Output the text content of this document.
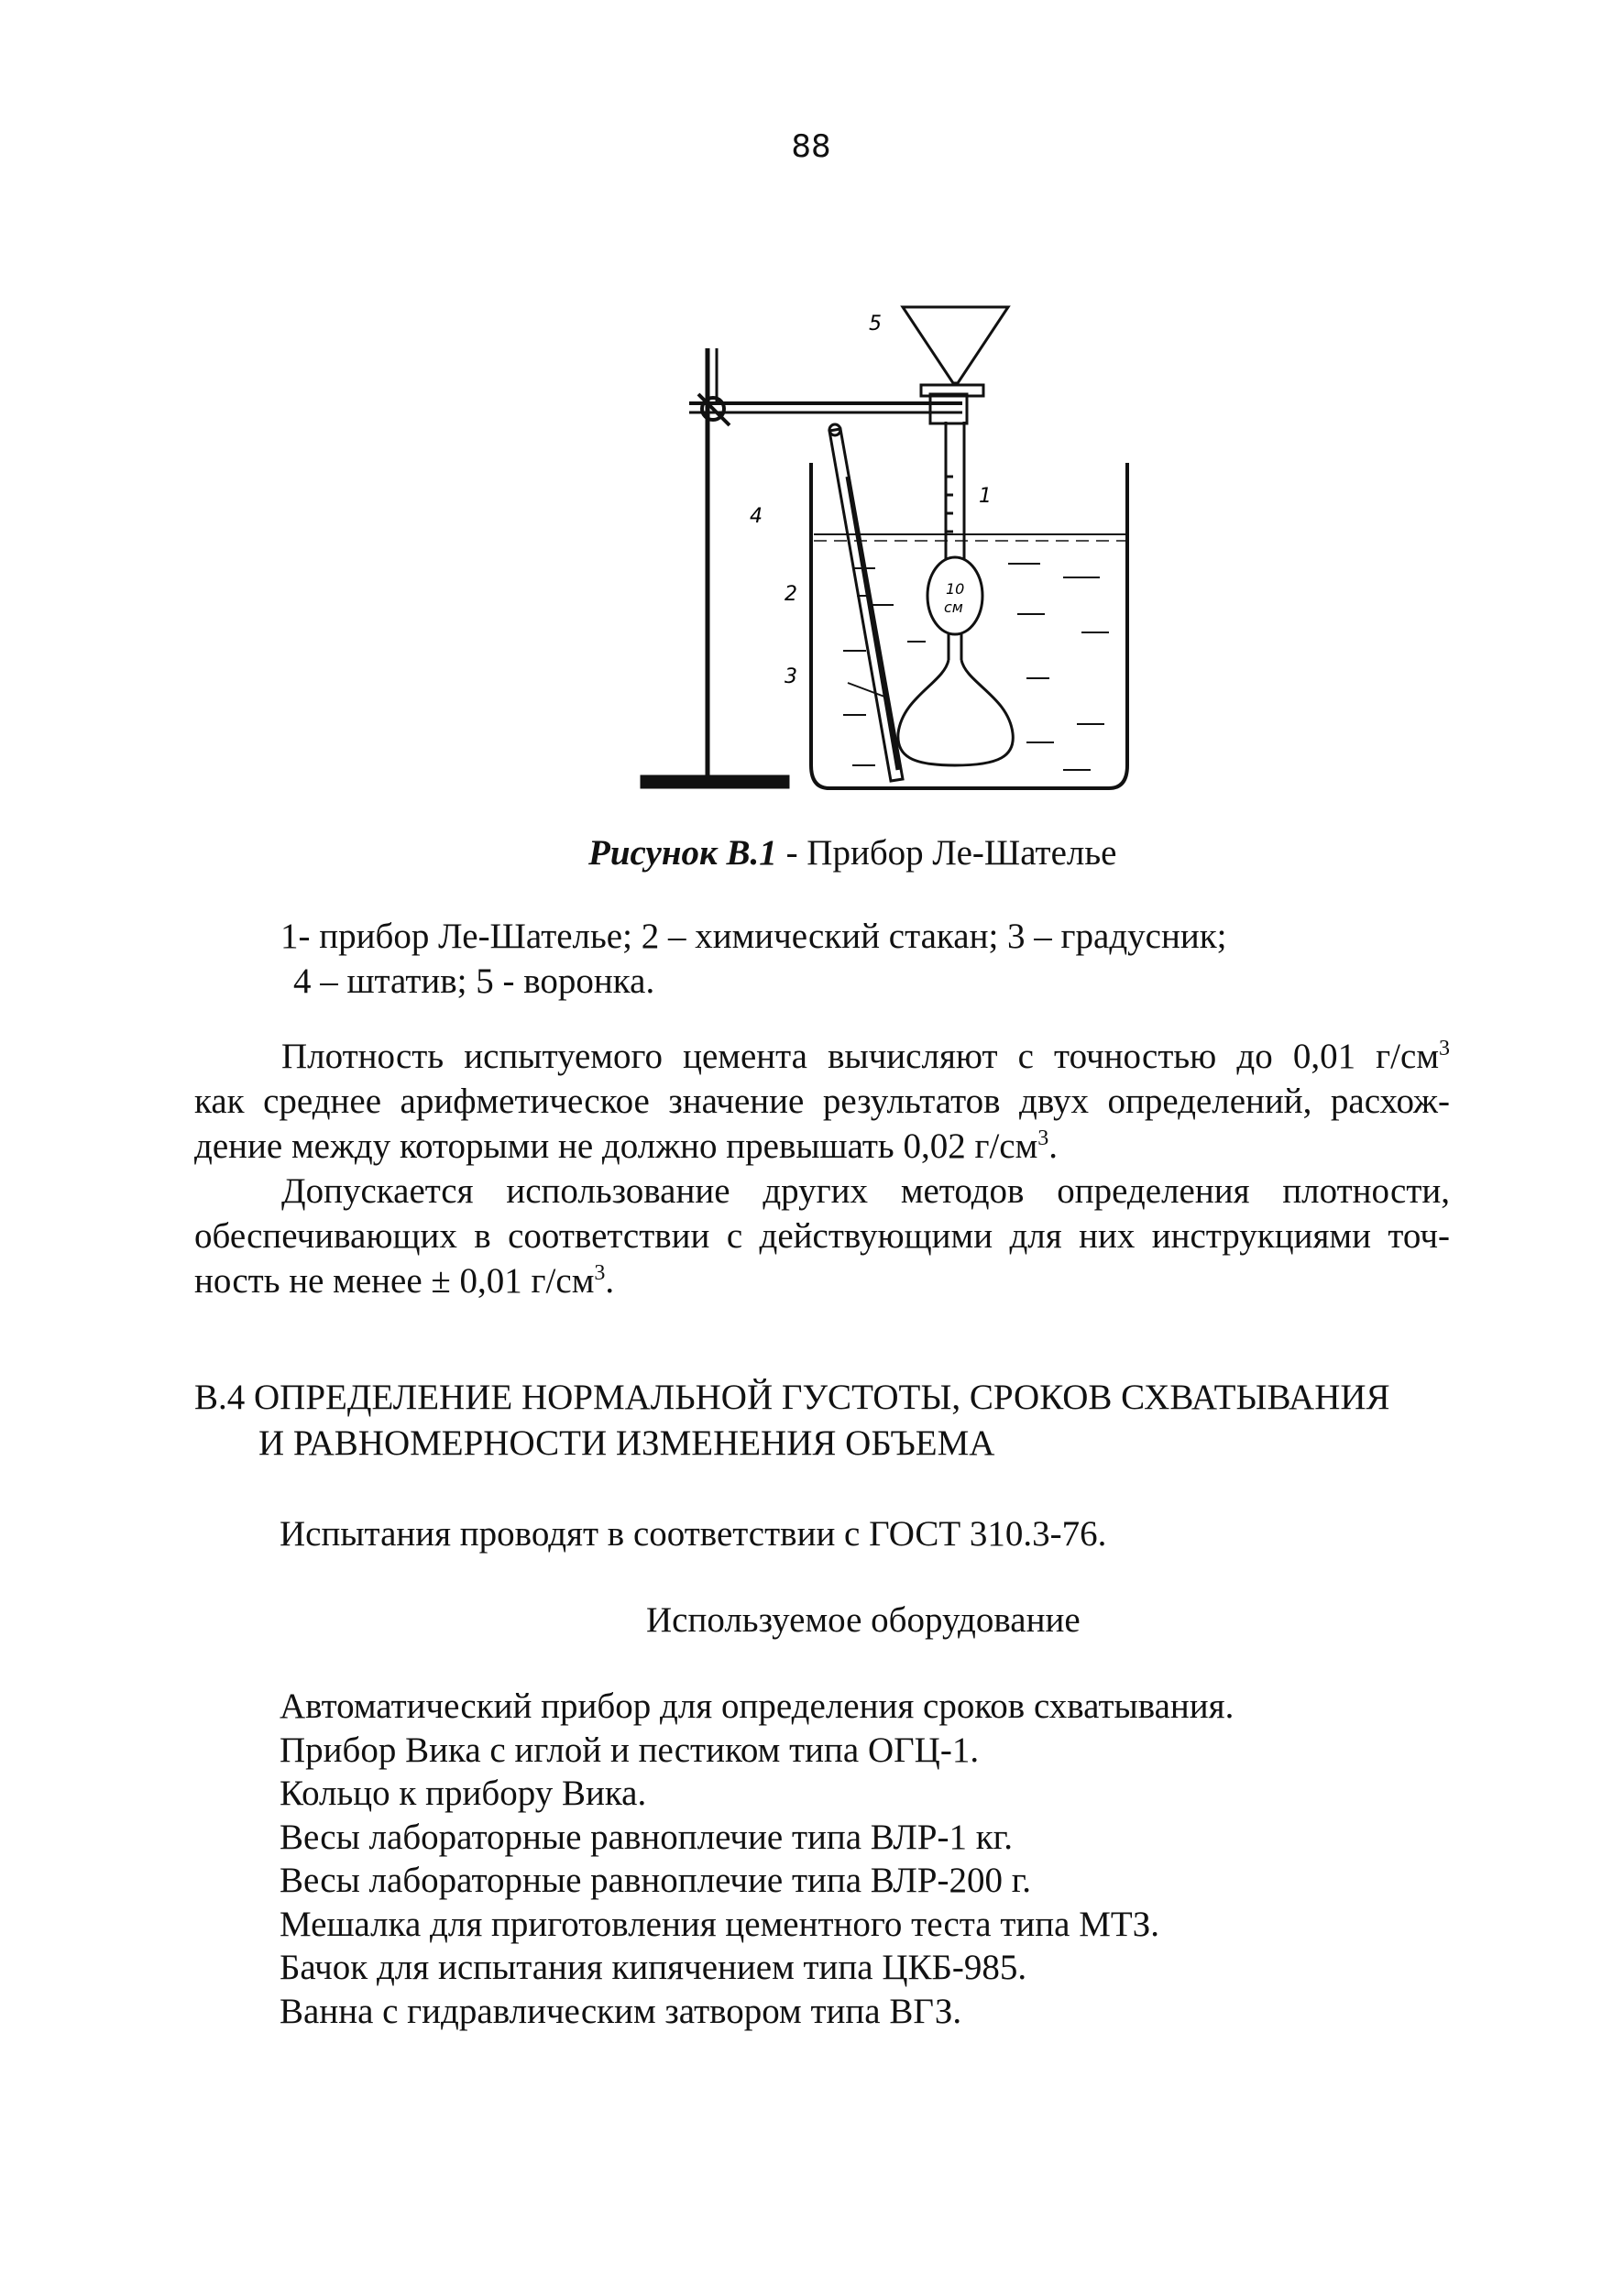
88
5
1
4
2
3
10
см
Рисунок В.1 - Прибор Ле-Шателье
1- прибор Ле-Шателье; 2 – химический стакан; 3 – градусник;
4 – штатив; 5 - воронка.
Плотность испытуемого цемента вычисляют с точностью до 0,01 $г/см^3$
как среднее арифметическое значение результатов двух определений, расхож-
дение между которыми не должно превышать 0,02 $г/см^3$.
Допускается использование других методов определения плотности,
обеспечивающих в соответствии с действующими для них инструкциями точ-
ность не менее ± 0,01 $г/см^3$.
В.4 ОПРЕДЕЛЕНИЕ НОРМАЛЬНОЙ ГУСТОТЫ, СРОКОВ СХВАТЫВАНИЯ
И РАВНОМЕРНОСТИ ИЗМЕНЕНИЯ ОБЪЕМА
Испытания проводят в соответствии с ГОСТ 310.3-76.
Используемое оборудование
Автоматический прибор для определения сроков схватывания.
Прибор Вика с иглой и пестиком типа ОГЦ-1.
Кольцо к прибору Вика.
Весы лабораторные равноплечие типа ВЛР-1 кг.
Весы лабораторные равноплечие типа ВЛР-200 г.
Мешалка для приготовления цементного теста типа МТЗ.
Бачок для испытания кипячением типа ЦКБ-985.
Ванна с гидравлическим затвором типа ВГЗ.
